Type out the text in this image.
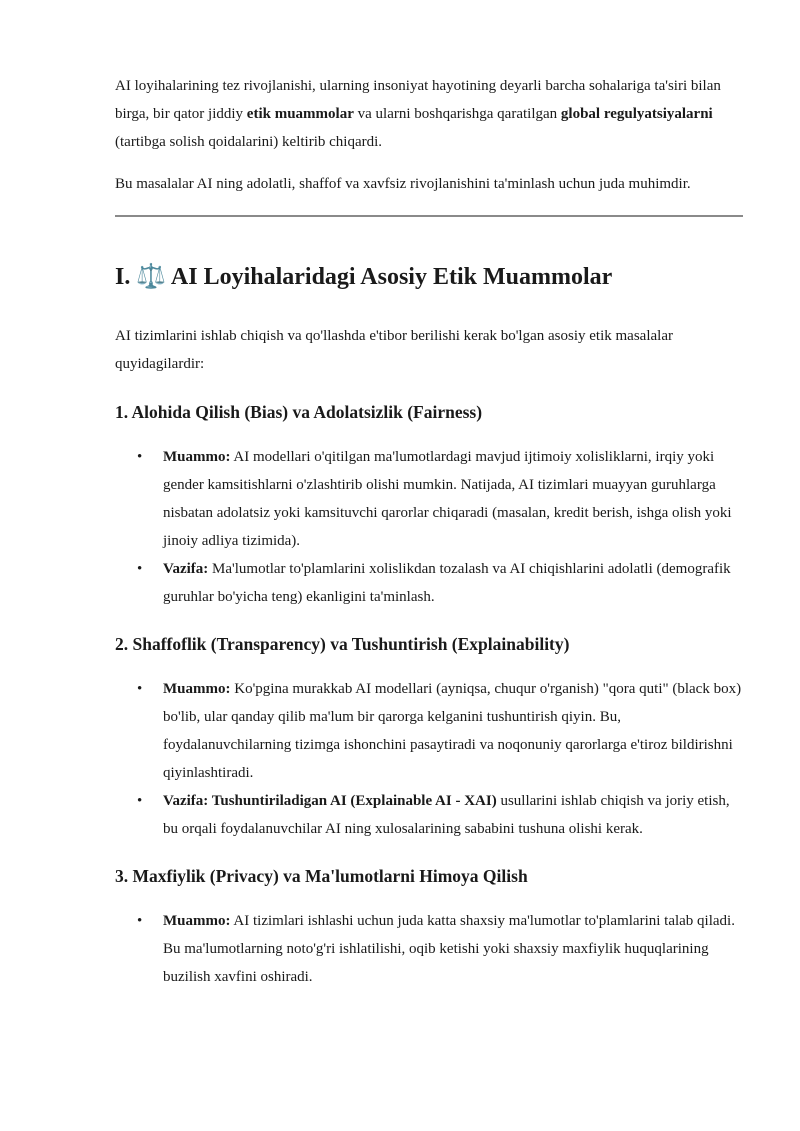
AI loyihalarining tez rivojlanishi, ularning insoniyat hayotining deyarli barcha sohalariga ta'siri bilan birga, bir qator jiddiy etik muammolar va ularni boshqarishga qaratilgan global regulyatsiyalarni (tartibga solish qoidalarini) keltirib chiqardi.

Bu masalalar AI ning adolatli, shaffof va xavfsiz rivojlanishini ta'minlash uchun juda muhimdir.

I. ⚖️ AI Loyihalaridagi Asosiy Etik Muammolar

AI tizimlarini ishlab chiqish va qo'llashda e'tibor berilishi kerak bo'lgan asosiy etik masalalar quyidagilardir:

1. Alohida Qilish (Bias) va Adolatsizlik (Fairness)
• Muammo: AI modellari o'qitilgan ma'lumotlardagi mavjud ijtimoiy xolisliklarni, irqiy yoki gender kamsitishlarni o'zlashtirib olishi mumkin. Natijada, AI tizimlari muayyan guruhlarga nisbatan adolatsiz yoki kamsituvchi qarorlar chiqaradi (masalan, kredit berish, ishga olish yoki jinoiy adliya tizimida).
• Vazifa: Ma'lumotlar to'plamlarini xolislikdan tozalash va AI chiqishlarini adolatli (demografik guruhlar bo'yicha teng) ekanligini ta'minlash.
2. Shaffoflik (Transparency) va Tushuntirish (Explainability)
• Muammo: Ko'pgina murakkab AI modellari (ayniqsa, chuqur o'rganish) "qora quti" (black box) bo'lib, ular qanday qilib ma'lum bir qarorga kelganini tushuntirish qiyin. Bu, foydalanuvchilarning tizimga ishonchini pasaytiradi va noqonuniy qarorlarga e'tiroz bildirishni qiyinlashtiradi.
• Vazifa: Tushuntiriladigan AI (Explainable AI - XAI) usullarini ishlab chiqish va joriy etish, bu orqali foydalanuvchilar AI ning xulosalarining sababini tushuna olishi kerak.
3. Maxfiylik (Privacy) va Ma'lumotlarni Himoya Qilish
• Muammo: AI tizimlari ishlashi uchun juda katta shaxsiy ma'lumotlar to'plamlarini talab qiladi. Bu ma'lumotlarning noto'g'ri ishlatilishi, oqib ketishi yoki shaxsiy maxfiylik huquqlarining buzilish xavfini oshiradi.
